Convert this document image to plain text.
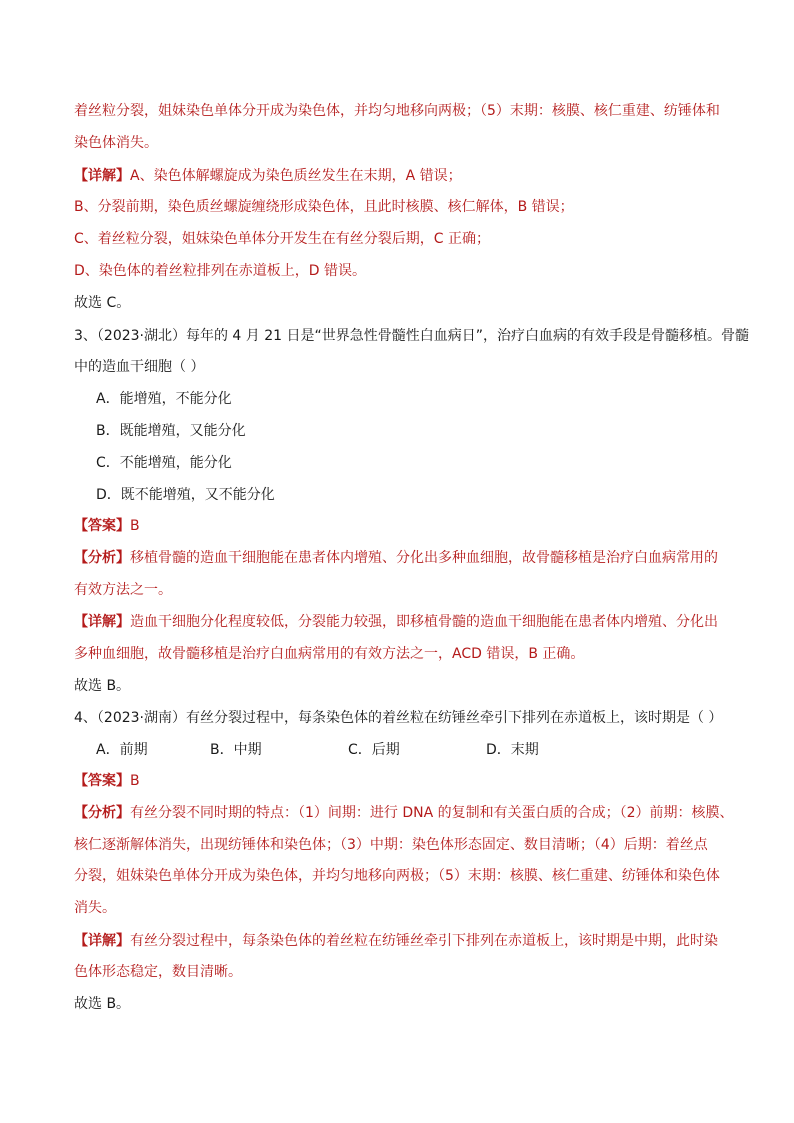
着丝粒分裂，姐妹染色单体分开成为染色体，并均匀地移向两极；（5）末期：核膜、核仁重建、纺锤体和
染色体消失。
【详解】A、染色体解螺旋成为染色质丝发生在末期，A 错误；
B、分裂前期，染色质丝螺旋缠绕形成染色体，且此时核膜、核仁解体，B 错误；
C、着丝粒分裂，姐妹染色单体分开发生在有丝分裂后期，C 正确；
D、染色体的着丝粒排列在赤道板上，D 错误。
故选 C。
3、（2023·湖北）每年的 4 月 21 日是“世界急性骨髓性白血病日”，治疗白血病的有效手段是骨髓移植。骨髓
中的造血干细胞（ ）
A．能增殖，不能分化
B．既能增殖，又能分化
C．不能增殖，能分化
D．既不能增殖，又不能分化
【答案】B
【分析】移植骨髓的造血干细胞能在患者体内增殖、分化出多种血细胞，故骨髓移植是治疗白血病常用的
有效方法之一。
【详解】造血干细胞分化程度较低，分裂能力较强，即移植骨髓的造血干细胞能在患者体内增殖、分化出
多种血细胞，故骨髓移植是治疗白血病常用的有效方法之一，ACD 错误，B 正确。
故选 B。
4、（2023·湖南）有丝分裂过程中，每条染色体的着丝粒在纺锤丝牵引下排列在赤道板上，该时期是（ ）
A．前期	B．中期	C．后期	D．末期
【答案】B
【分析】有丝分裂不同时期的特点：（1）间期：进行 DNA 的复制和有关蛋白质的合成；（2）前期：核膜、
核仁逐渐解体消失，出现纺锤体和染色体；（3）中期：染色体形态固定、数目清晰；（4）后期：着丝点
分裂，姐妹染色单体分开成为染色体，并均匀地移向两极；（5）末期：核膜、核仁重建、纺锤体和染色体
消失。
【详解】有丝分裂过程中，每条染色体的着丝粒在纺锤丝牵引下排列在赤道板上，该时期是中期，此时染
色体形态稳定，数目清晰。
故选 B。
